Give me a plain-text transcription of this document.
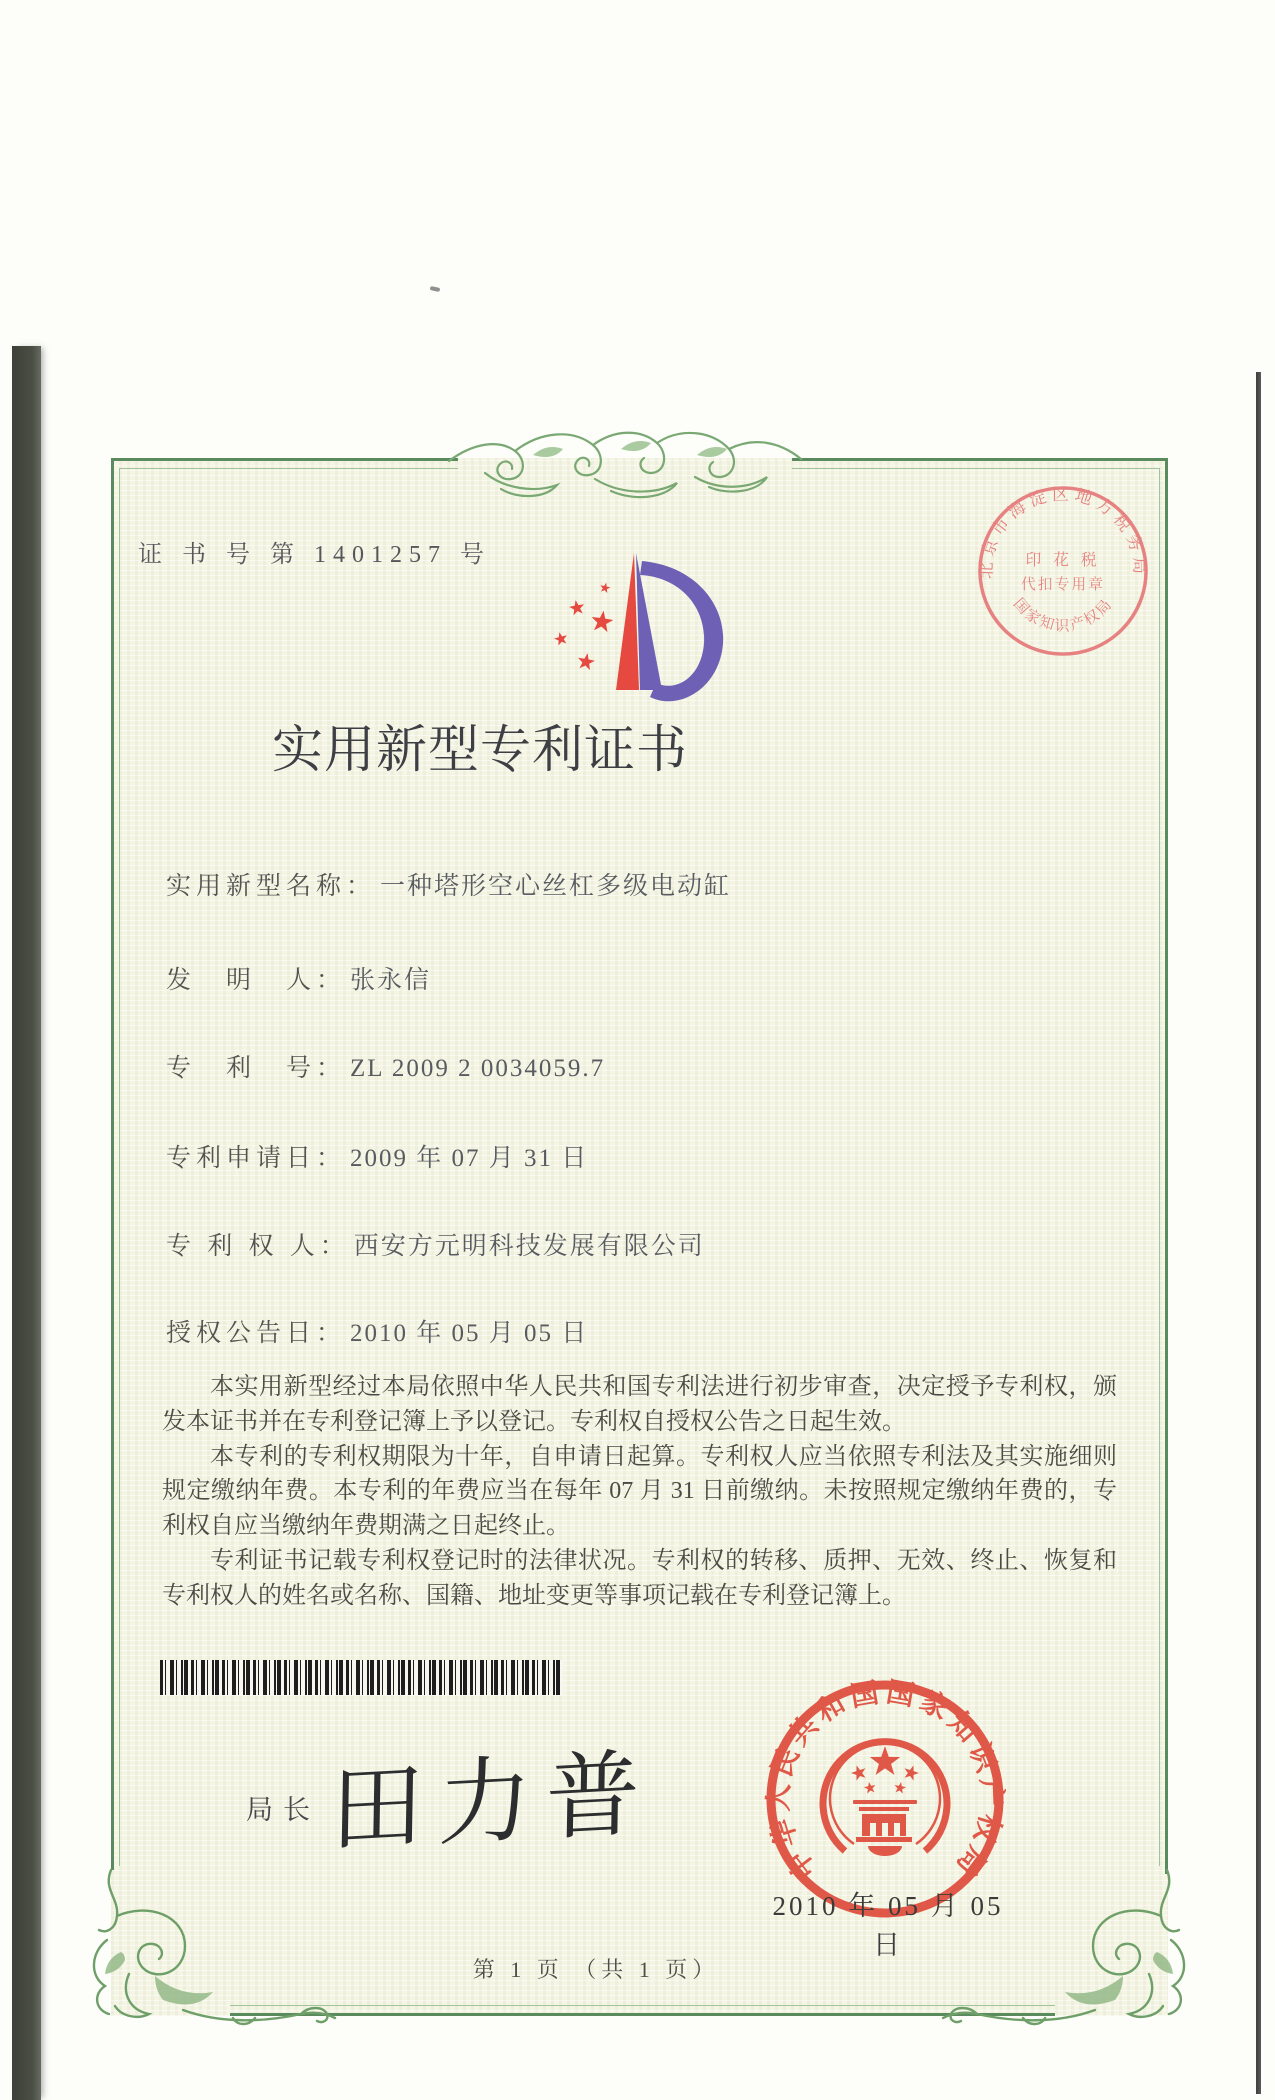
证 书 号 第 1401257 号
实用新型专利证书
北京市海淀区地方税务局
国家知识产权局
印 花 税
代扣专用章
实用新型名称： 一种塔形空心丝杠多级电动缸
发　明　人： 张永信
专　利　号： ZL 2009 2 0034059.7
专利申请日： 2009 年 07 月 31 日
专 利 权 人： 西安方元明科技发展有限公司
授权公告日： 2010 年 05 月 05 日

本实用新型经过本局依照中华人民共和国专利法进行初步审查，决定授予专利权，颁发本证书并在专利登记簿上予以登记。专利权自授权公告之日起生效。

本专利的专利权期限为十年，自申请日起算。专利权人应当依照专利法及其实施细则规定缴纳年费。本专利的年费应当在每年 07 月 31 日前缴纳。未按照规定缴纳年费的，专利权自应当缴纳年费期满之日起终止。

专利证书记载专利权登记时的法律状况。专利权的转移、质押、无效、终止、恢复和专利权人的姓名或名称、国籍、地址变更等事项记载在专利登记簿上。

局长 田力普	中华人民共和国国家知识产权局
2010 年 05 月 05 日
第 1 页 （共 1 页）
